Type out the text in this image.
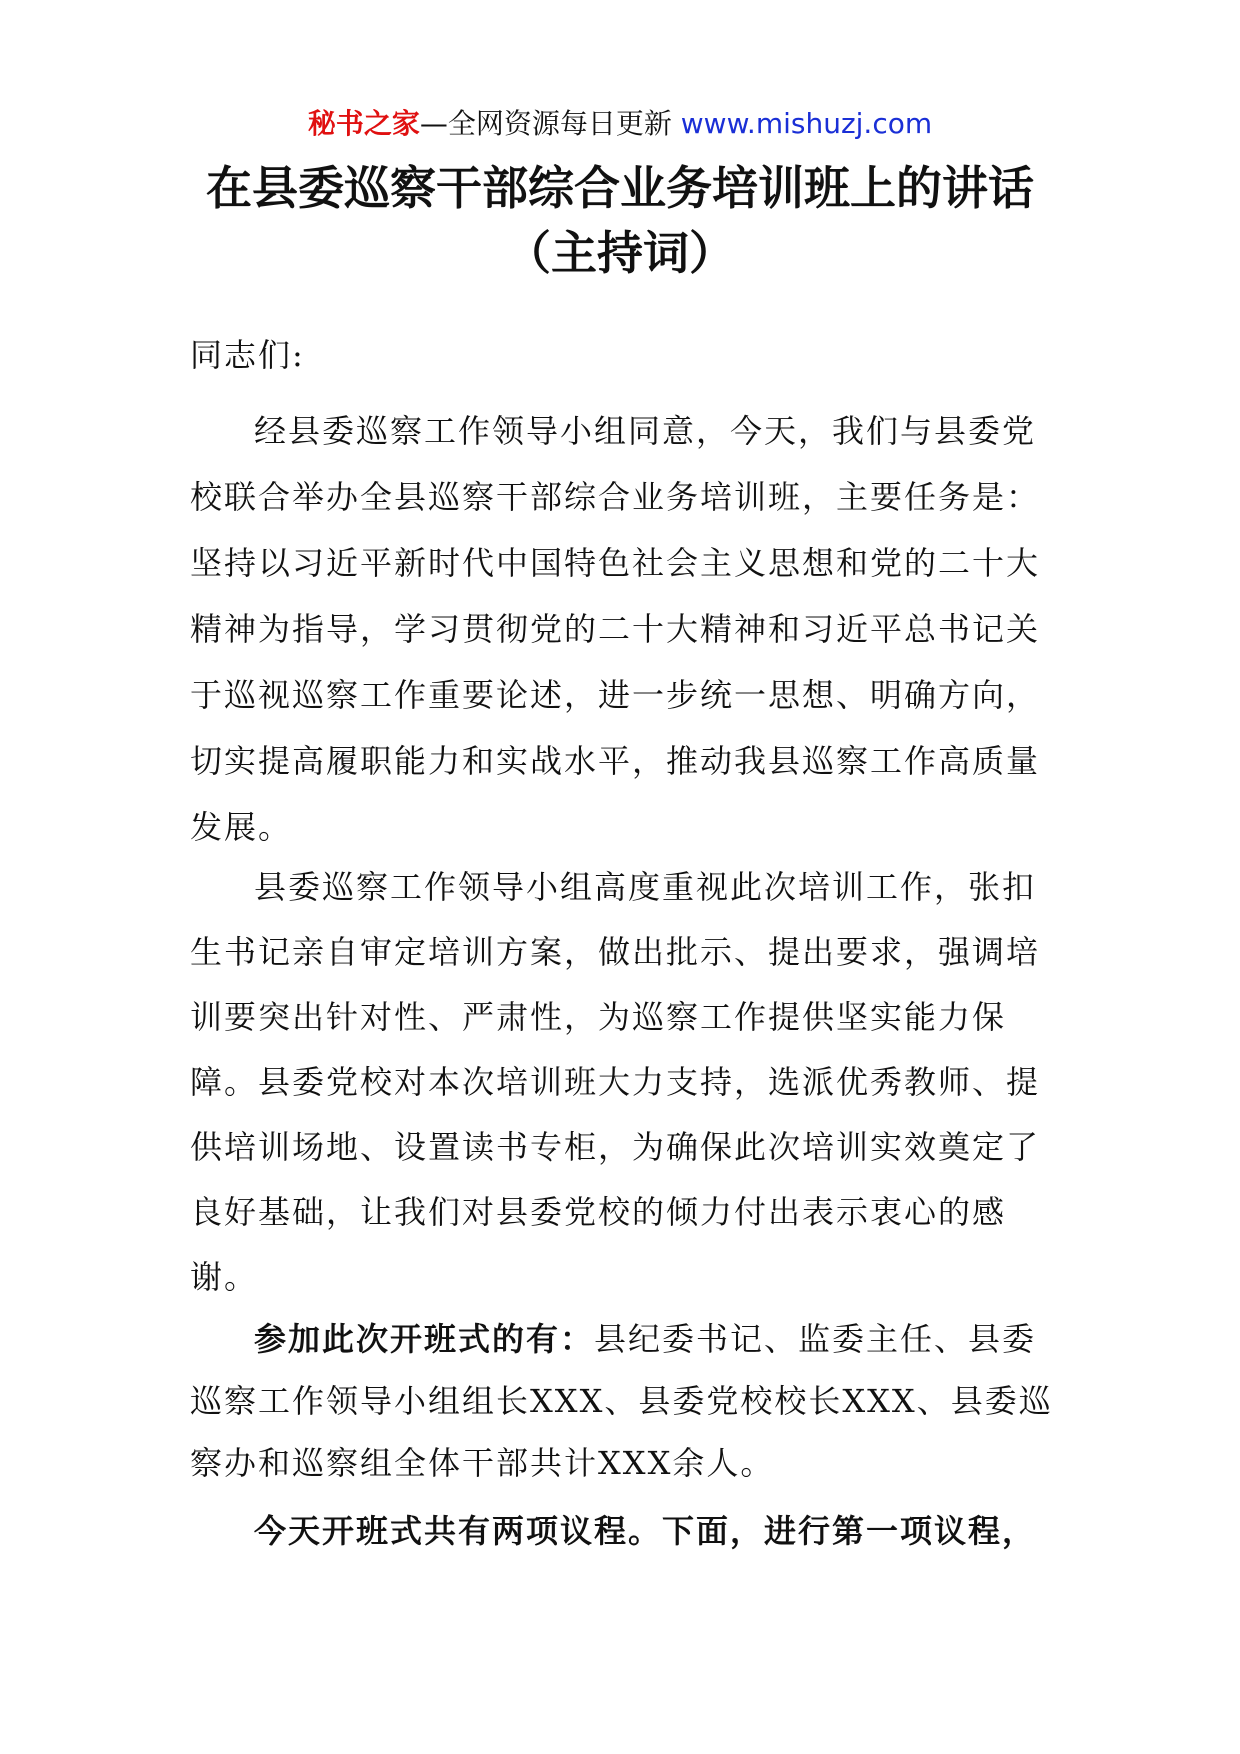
秘书之家—全网资源每日更新 www.mishuzj.com
在县委巡察干部综合业务培训班上的讲话
（主持词）
同志们:

经县委巡察工作领导小组同意，今天，我们与县委党校联合举办全县巡察干部综合业务培训班，主要任务是：坚持以习近平新时代中国特色社会主义思想和党的二十大精神为指导，学习贯彻党的二十大精神和习近平总书记关于巡视巡察工作重要论述，进一步统一思想、明确方向，切实提高履职能力和实战水平，推动我县巡察工作高质量发展。

县委巡察工作领导小组高度重视此次培训工作，张扣生书记亲自审定培训方案，做出批示、提出要求，强调培训要突出针对性、严肃性，为巡察工作提供坚实能力保障。县委党校对本次培训班大力支持，选派优秀教师、提供培训场地、设置读书专柜，为确保此次培训实效奠定了良好基础，让我们对县委党校的倾力付出表示衷心的感谢。

参加此次开班式的有：县纪委书记、监委主任、县委巡察工作领导小组组长XXX、县委党校校长XXX、县委巡察办和巡察组全体干部共计XXX余人。

今天开班式共有两项议程。下面，进行第一项议程，
